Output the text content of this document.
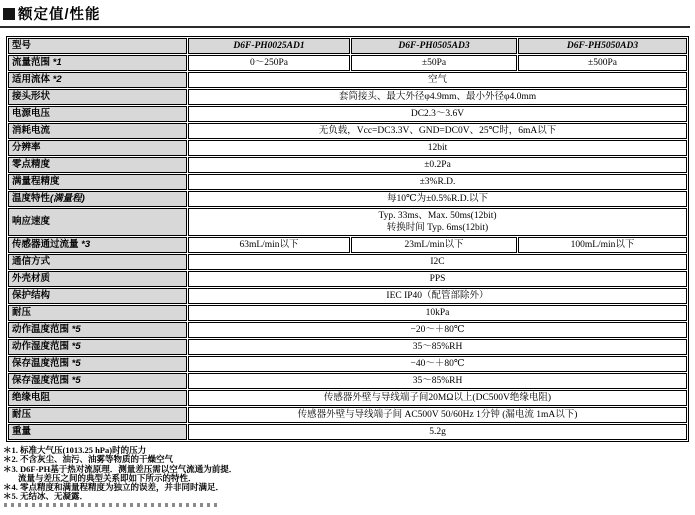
额定值/性能
型号	D6F-PH0025AD1	D6F-PH0505AD3	D6F-PH5050AD3
流量范围 *1	0～250Pa	±50Pa	±500Pa
适用流体 *2	空气		
接头形状	套筒接头、最大外径φ4.9mm、最小外径φ4.0mm		
电源电压	DC2.3～3.6V		
消耗电流	无负载，Vcc=DC3.3V、GND=DC0V、25℃时，6mA以下		
分辨率	12bit		
零点精度	±0.2Pa		
满量程精度	±3%R.D.		
温度特性(满量程)	每10℃为±0.5%R.D.以下		
响应速度	Typ. 33ms、Max. 50ms(12bit)
转换时间 Typ. 6ms(12bit)		

传感器通过流量 *3	63mL/min以下	23mL/min以下	100mL/min以下
通信方式	I2C		
外壳材质	PPS		
保护结构	IEC IP40（配管部除外）		
耐压	10kPa		
动作温度范围 *5	−20～＋80℃		
动作湿度范围 *5	35～85%RH		
保存温度范围 *5	−40～＋80℃		
保存湿度范围 *5	35～85%RH		
绝缘电阻	传感器外壁与导线端子间20MΩ以上(DC500V绝缘电阻)		
耐压	传感器外壁与导线端子间 AC500V 50/60Hz 1分钟 (漏电流 1mA以下)		
重量	5.2g		
＊1. 标准大气压(1013.25 hPa)时的压力
＊2. 不含灰尘、油污、油雾等物质的干燥空气
＊3. D6F-PH基于热对流原理．测量差压需以空气流通为前提．
流量与差压之间的典型关系即如下所示的特性．
＊4. 零点精度和满量程精度为独立的误差，并非同时满足．
＊5. 无结冰、无凝露．
